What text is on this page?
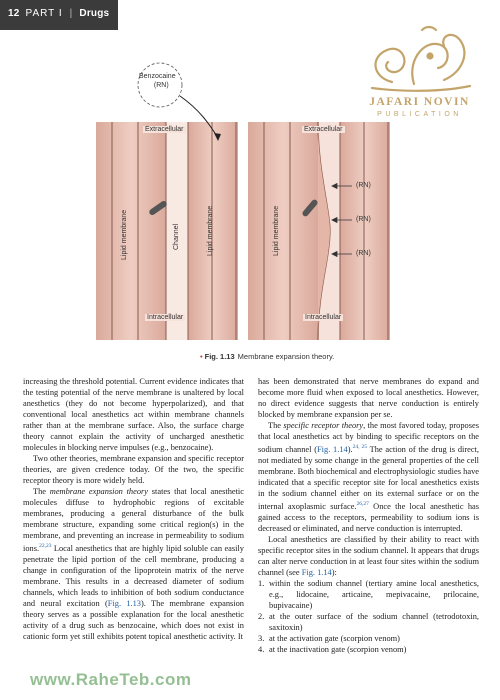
12 PART I | Drugs
JAFARI NOVIN
PUBLICATION
Benzocaine
(RN)
Extracellular
Intracellular
Lipid membrane	Channel	Lipid membrane
Extracellular
Intracellular
Lipid membrane
(RN)
(RN)
(RN)
• Fig. 1.13 Membrane expansion theory.

increasing the threshold potential. Current evidence indicates that the testing potential of the nerve membrane is unaltered by local anesthetics (they do not become hyperpolarized), and that conventional local anesthetics act within membrane channels rather than at the membrane surface. Also, the surface charge theory cannot explain the activity of uncharged anesthetic molecules in blocking nerve impulses (e.g., benzocaine).

Two other theories, membrane expansion and specific receptor theories, are given credence today. Of the two, the specific receptor theory is more widely held.

The membrane expansion theory states that local anesthetic molecules diffuse to hydrophobic regions of excitable membranes, producing a general disturbance of the bulk membrane structure, expanding some critical region(s) in the membrane, and preventing an increase in permeability to sodium ions.$^{22,23}$ Local anesthetics that are highly lipid soluble can easily penetrate the lipid portion of the cell membrane, producing a change in configuration of the lipoprotein matrix of the nerve membrane. This results in a decreased diameter of sodium channels, which leads to inhibition of both sodium conductance and neural excitation (Fig. 1.13). The membrane expansion theory serves as a possible explanation for the local anesthetic activity of a drug such as benzocaine, which does not exist in cationic form yet still exhibits potent topical anesthetic activity. It

has been demonstrated that nerve membranes do expand and become more fluid when exposed to local anesthetics. However, no direct evidence suggests that nerve conduction is entirely blocked by membrane expansion per se.

The specific receptor theory, the most favored today, proposes that local anesthetics act by binding to specific receptors on the sodium channel (Fig. 1.14).$^{24, 25}$ The action of the drug is direct, not mediated by some change in the general properties of the cell membrane. Both biochemical and electrophysiologic studies have indicated that a specific receptor site for local anesthetics exists in the sodium channel either on its external surface or on the internal axoplasmic surface.$^{26,27}$ Once the local anesthetic has gained access to the receptors, permeability to sodium ions is decreased or eliminated, and nerve conduction is interrupted.

Local anesthetics are classified by their ability to react with specific receptor sites in the sodium channel. It appears that drugs can alter nerve conduction in at least four sites within the sodium channel (see Fig. 1.14):

1. within the sodium channel (tertiary amine local anesthetics, e.g., lidocaine, articaine, mepivacaine, prilocaine, bupivacaine)
2. at the outer surface of the sodium channel (tetrodotoxin, saxitoxin)
3. at the activation gate (scorpion venom)
4. at the inactivation gate (scorpion venom)
www.RaheTeb.com
